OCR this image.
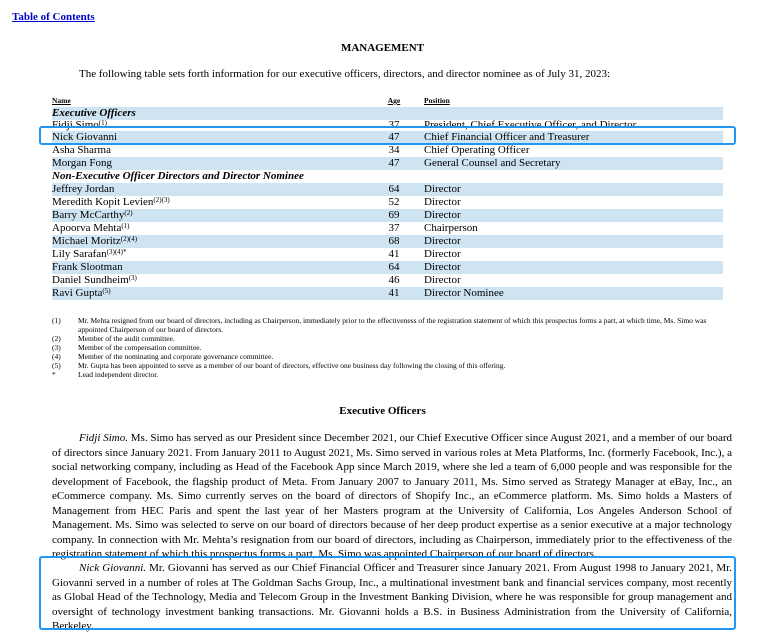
Table of Contents
MANAGEMENT
The following table sets forth information for our executive officers, directors, and director nominee as of July 31, 2023:
Name	Age	Position
Executive Officers		
Fidji Simo$^{(1)}$	37	President, Chief Executive Officer, and Director
Nick Giovanni	47	Chief Financial Officer and Treasurer
Asha Sharma	34	Chief Operating Officer
Morgan Fong	47	General Counsel and Secretary
Non-Executive Officer Directors and Director Nominee		
Jeffrey Jordan	64	Director
Meredith Kopit Levien$^{(2)(3)}$	52	Director
Barry McCarthy$^{(2)}$	69	Director
Apoorva Mehta$^{(1)}$	37	Chairperson
Michael Moritz$^{(2)(4)}$	68	Director
Lily Sarafan$^{(3)(4)*}$	41	Director
Frank Slootman	64	Director
Daniel Sundheim$^{(3)}$	46	Director
Ravi Gupta$^{(5)}$	41	Director Nominee
(1)	Mr. Mehta resigned from our board of directors, including as Chairperson, immediately prior to the effectiveness of the registration statement of which this prospectus forms a part, at which time, Ms. Simo was appointed Chairperson of our board of directors.
(2)	Member of the audit committee.
(3)	Member of the compensation committee.
(4)	Member of the nominating and corporate governance committee.
(5)	Mr. Gupta has been appointed to serve as a member of our board of directors, effective one business day following the closing of this offering.
*	Lead independent director.
Executive Officers
Fidji Simo. Ms. Simo has served as our President since December 2021, our Chief Executive Officer since August 2021, and a member of our board of directors since January 2021. From January 2011 to August 2021, Ms. Simo served in various roles at Meta Platforms, Inc. (formerly Facebook, Inc.), a social networking company, including as Head of the Facebook App since March 2019, where she led a team of 6,000 people and was responsible for the development of Facebook, the flagship product of Meta. From January 2007 to January 2011, Ms. Simo served as Strategy Manager at eBay, Inc., an eCommerce company. Ms. Simo currently serves on the board of directors of Shopify Inc., an eCommerce platform. Ms. Simo holds a Masters of Management from HEC Paris and spent the last year of her Masters program at the University of California, Los Angeles Anderson School of Management. Ms. Simo was selected to serve on our board of directors because of her deep product expertise as a senior executive at a major technology company. In connection with Mr. Mehta’s resignation from our board of directors, including as Chairperson, immediately prior to the effectiveness of the registration statement of which this prospectus forms a part, Ms. Simo was appointed Chairperson of our board of directors.
Nick Giovanni. Mr. Giovanni has served as our Chief Financial Officer and Treasurer since January 2021. From August 1998 to January 2021, Mr. Giovanni served in a number of roles at The Goldman Sachs Group, Inc., a multinational investment bank and financial services company, most recently as Global Head of the Technology, Media and Telecom Group in the Investment Banking Division, where he was responsible for group management and oversight of technology investment banking transactions. Mr. Giovanni holds a B.S. in Business Administration from the University of California, Berkeley.
